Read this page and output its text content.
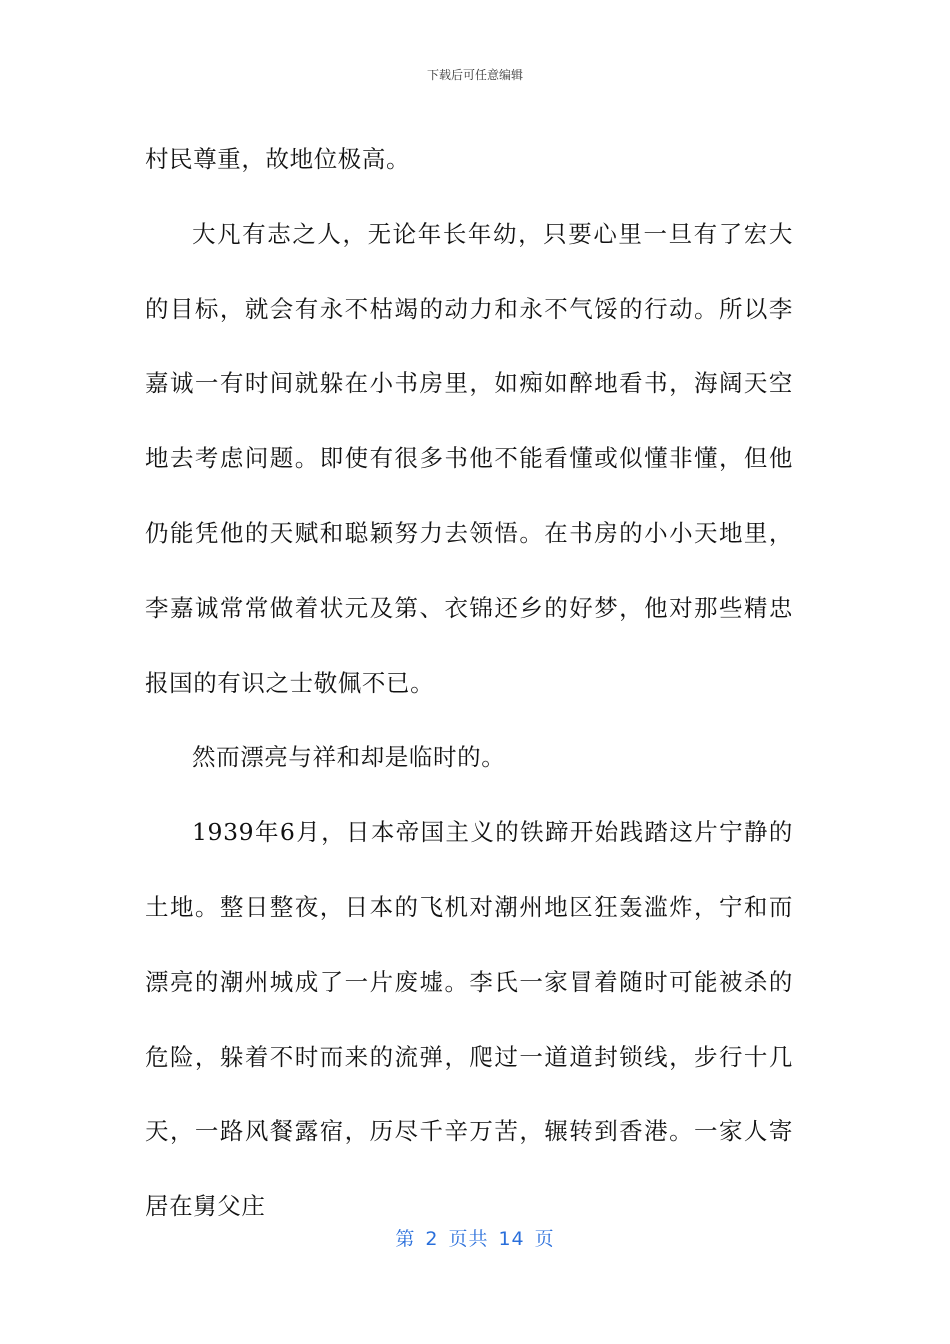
下载后可任意编辑

村民尊重，故地位极高。

大凡有志之人，无论年长年幼，只要心里一旦有了宏大的目标，就会有永不枯竭的动力和永不气馁的行动。所以李嘉诚一有时间就躲在小书房里，如痴如醉地看书，海阔天空地去考虑问题。即使有很多书他不能看懂或似懂非懂，但他仍能凭他的天赋和聪颖努力去领悟。在书房的小小天地里，李嘉诚常常做着状元及第、衣锦还乡的好梦，他对那些精忠报国的有识之士敬佩不已。

然而漂亮与祥和却是临时的。

1939年6月，日本帝国主义的铁蹄开始践踏这片宁静的土地。整日整夜，日本的飞机对潮州地区狂轰滥炸，宁和而漂亮的潮州城成了一片废墟。李氏一家冒着随时可能被杀的危险，躲着不时而来的流弹，爬过一道道封锁线，步行十几天，一路风餐露宿，历尽千辛万苦，辗转到香港。一家人寄居在舅父庄

第 2 页共 14 页
